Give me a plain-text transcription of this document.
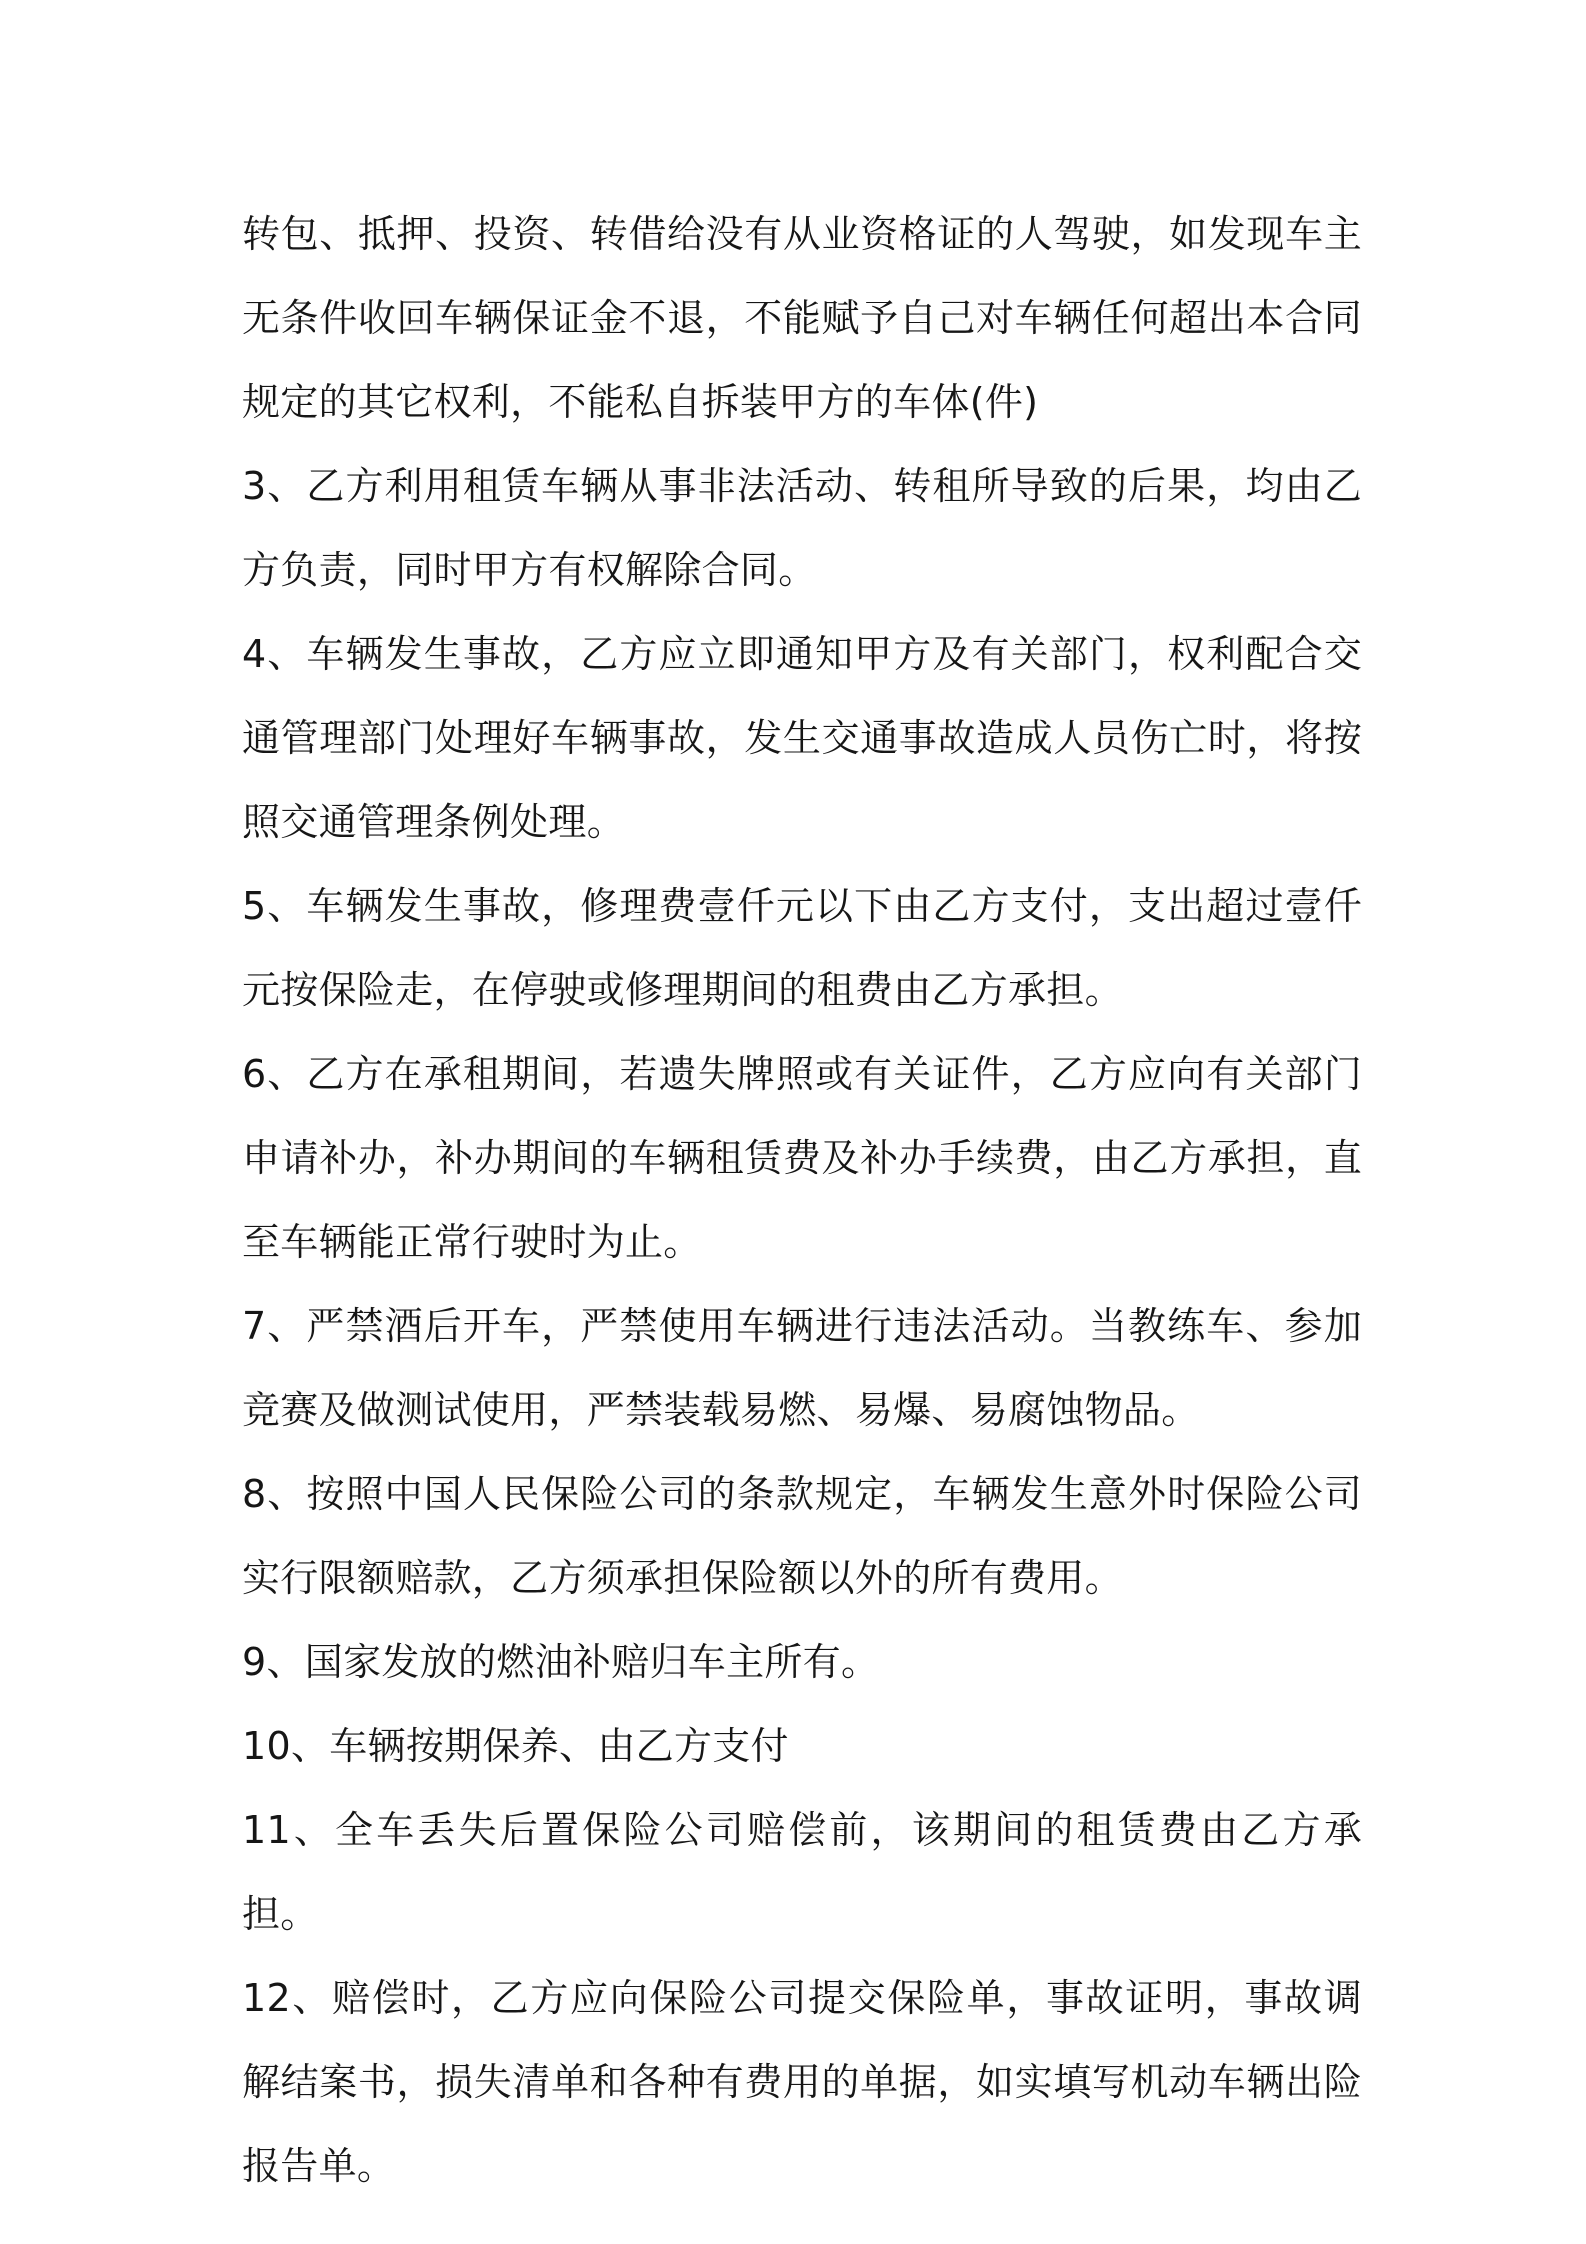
转包、抵押、投资、转借给没有从业资格证的人驾驶，如发现车主无条件收回车辆保证金不退，不能赋予自己对车辆任何超出本合同规定的其它权利，不能私自拆装甲方的车体(件)

3、乙方利用租赁车辆从事非法活动、转租所导致的后果，均由乙方负责，同时甲方有权解除合同。

4、车辆发生事故，乙方应立即通知甲方及有关部门，权利配合交通管理部门处理好车辆事故，发生交通事故造成人员伤亡时，将按照交通管理条例处理。

5、车辆发生事故，修理费壹仟元以下由乙方支付，支出超过壹仟元按保险走，在停驶或修理期间的租费由乙方承担。

6、乙方在承租期间，若遗失牌照或有关证件，乙方应向有关部门申请补办，补办期间的车辆租赁费及补办手续费，由乙方承担，直至车辆能正常行驶时为止。

7、严禁酒后开车，严禁使用车辆进行违法活动。当教练车、参加竞赛及做测试使用，严禁装载易燃、易爆、易腐蚀物品。

8、按照中国人民保险公司的条款规定，车辆发生意外时保险公司实行限额赔款，乙方须承担保险额以外的所有费用。

9、国家发放的燃油补赔归车主所有。

10、车辆按期保养、由乙方支付

11、全车丢失后置保险公司赔偿前，该期间的租赁费由乙方承担。

12、赔偿时，乙方应向保险公司提交保险单，事故证明，事故调解结案书，损失清单和各种有费用的单据，如实填写机动车辆出险报告单。
